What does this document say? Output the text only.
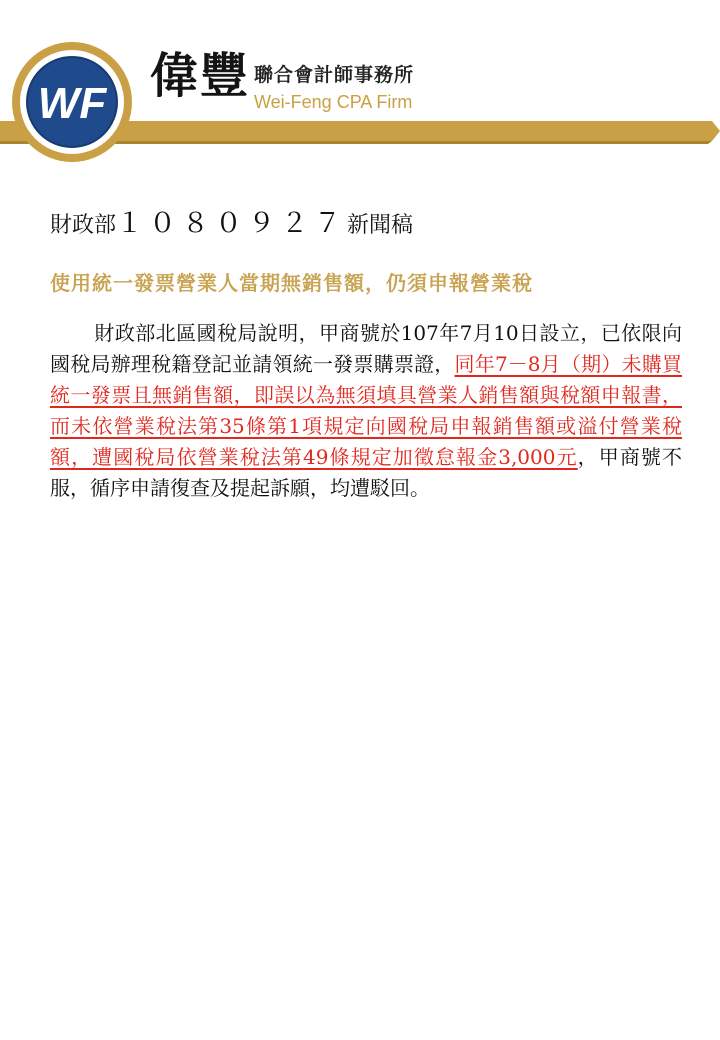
WF 偉豐 聯合會計師事務所
Wei-Feng CPA Firm
財政部１０８０９２７新聞稿
使用統一發票營業人當期無銷售額，仍須申報營業稅

財政部北區國稅局說明，甲商號於107年7月10日設立，已依限向國稅局辦理稅籍登記並請領統一發票購票證，同年7－8月（期）未購買統一發票且無銷售額，即誤以為無須填具營業人銷售額與稅額申報書，而未依營業稅法第35條第1項規定向國稅局申報銷售額或溢付營業稅額，遭國稅局依營業稅法第49條規定加徵怠報金3,000元，甲商號不服，循序申請復查及提起訴願，均遭駁回。
